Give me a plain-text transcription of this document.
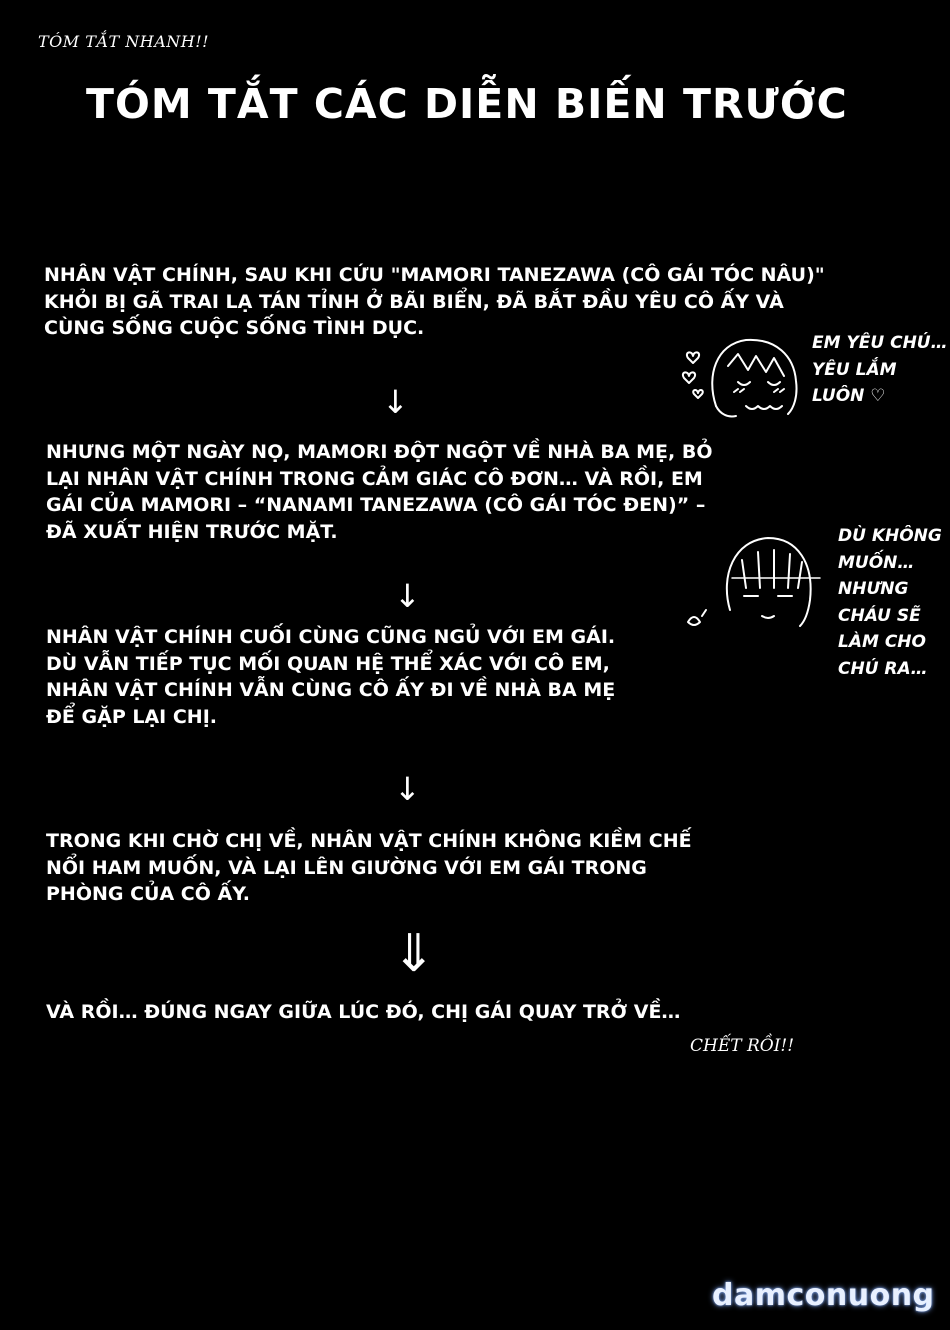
TÓM TẮT NHANH!!
TÓM TẮT CÁC DIỄN BIẾN TRƯỚC
NHÂN VẬT CHÍNH, SAU KHI CỨU "MAMORI TANEZAWA (CÔ GÁI TÓC NÂU)"
KHỎI BỊ GÃ TRAI LẠ TÁN TỈNH Ở BÃI BIỂN, ĐÃ BẮT ĐẦU YÊU CÔ ẤY VÀ
CÙNG SỐNG CUỘC SỐNG TÌNH DỤC.
↓
NHƯNG MỘT NGÀY NỌ, MAMORI ĐỘT NGỘT VỀ NHÀ BA MẸ, BỎ
LẠI NHÂN VẬT CHÍNH TRONG CẢM GIÁC CÔ ĐƠN… VÀ RỒI, EM
GÁI CỦA MAMORI – “NANAMI TANEZAWA (CÔ GÁI TÓC ĐEN)” –
ĐÃ XUẤT HIỆN TRƯỚC MẶT.
↓
NHÂN VẬT CHÍNH CUỐI CÙNG CŨNG NGỦ VỚI EM GÁI.
DÙ VẪN TIẾP TỤC MỐI QUAN HỆ THỂ XÁC VỚI CÔ EM,
NHÂN VẬT CHÍNH VẪN CÙNG CÔ ẤY ĐI VỀ NHÀ BA MẸ
ĐỂ GẶP LẠI CHỊ.
↓
TRONG KHI CHỜ CHỊ VỀ, NHÂN VẬT CHÍNH KHÔNG KIỀM CHẾ
NỔI HAM MUỐN, VÀ LẠI LÊN GIƯỜNG VỚI EM GÁI TRONG
PHÒNG CỦA CÔ ẤY.
⇓
VÀ RỒI… ĐÚNG NGAY GIỮA LÚC ĐÓ, CHỊ GÁI QUAY TRỞ VỀ…
CHẾT RỒI!!
EM YÊU CHÚ…
YÊU LẮM
LUÔN ♡
DÙ KHÔNG
MUỐN…
NHƯNG
CHÁU SẼ
LÀM CHO
CHÚ RA…
damconuong
